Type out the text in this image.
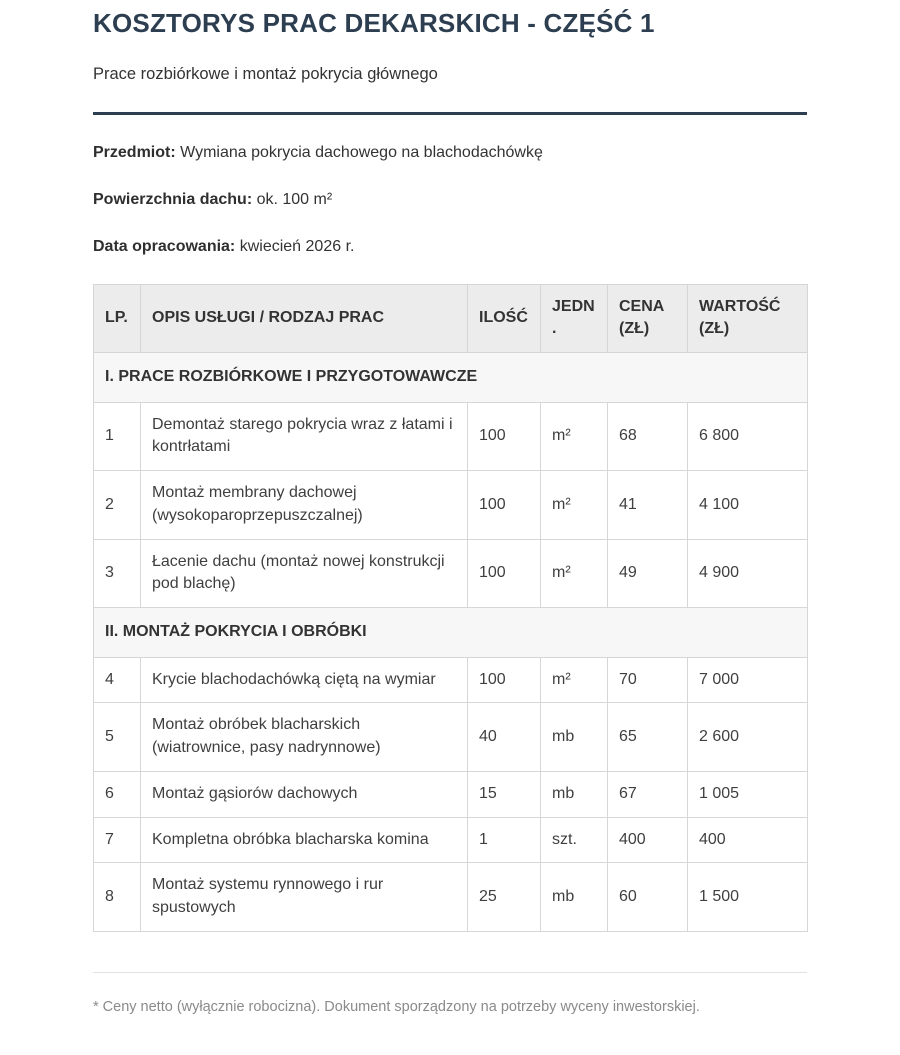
KOSZTORYS PRAC DEKARSKICH - CZĘŚĆ 1

Prace rozbiórkowe i montaż pokrycia głównego

Przedmiot: Wymiana pokrycia dachowego na blachodachówkę

Powierzchnia dachu: ok. 100 m²

Data opracowania: kwiecień 2026 r.

LP.	OPIS USŁUGI / RODZAJ PRAC	ILOŚĆ	JEDN.	CENA (ZŁ)	WARTOŚĆ (ZŁ)
I. PRACE ROZBIÓRKOWE I PRZYGOTOWAWCZE					
1	Demontaż starego pokrycia wraz z łatami i kontrłatami	100	m²	68	6 800
2	Montaż membrany dachowej (wysokoparoprzepuszczalnej)	100	m²	41	4 100
3	Łacenie dachu (montaż nowej konstrukcji pod blachę)	100	m²	49	4 900
II. MONTAŻ POKRYCIA I OBRÓBKI					
4	Krycie blachodachówką ciętą na wymiar	100	m²	70	7 000
5	Montaż obróbek blacharskich (wiatrownice, pasy nadrynnowe)	40	mb	65	2 600
6	Montaż gąsiorów dachowych	15	mb	67	1 005
7	Kompletna obróbka blacharska komina	1	szt.	400	400
8	Montaż systemu rynnowego i rur spustowych	25	mb	60	1 500

* Ceny netto (wyłącznie robocizna). Dokument sporządzony na potrzeby wyceny inwestorskiej.
